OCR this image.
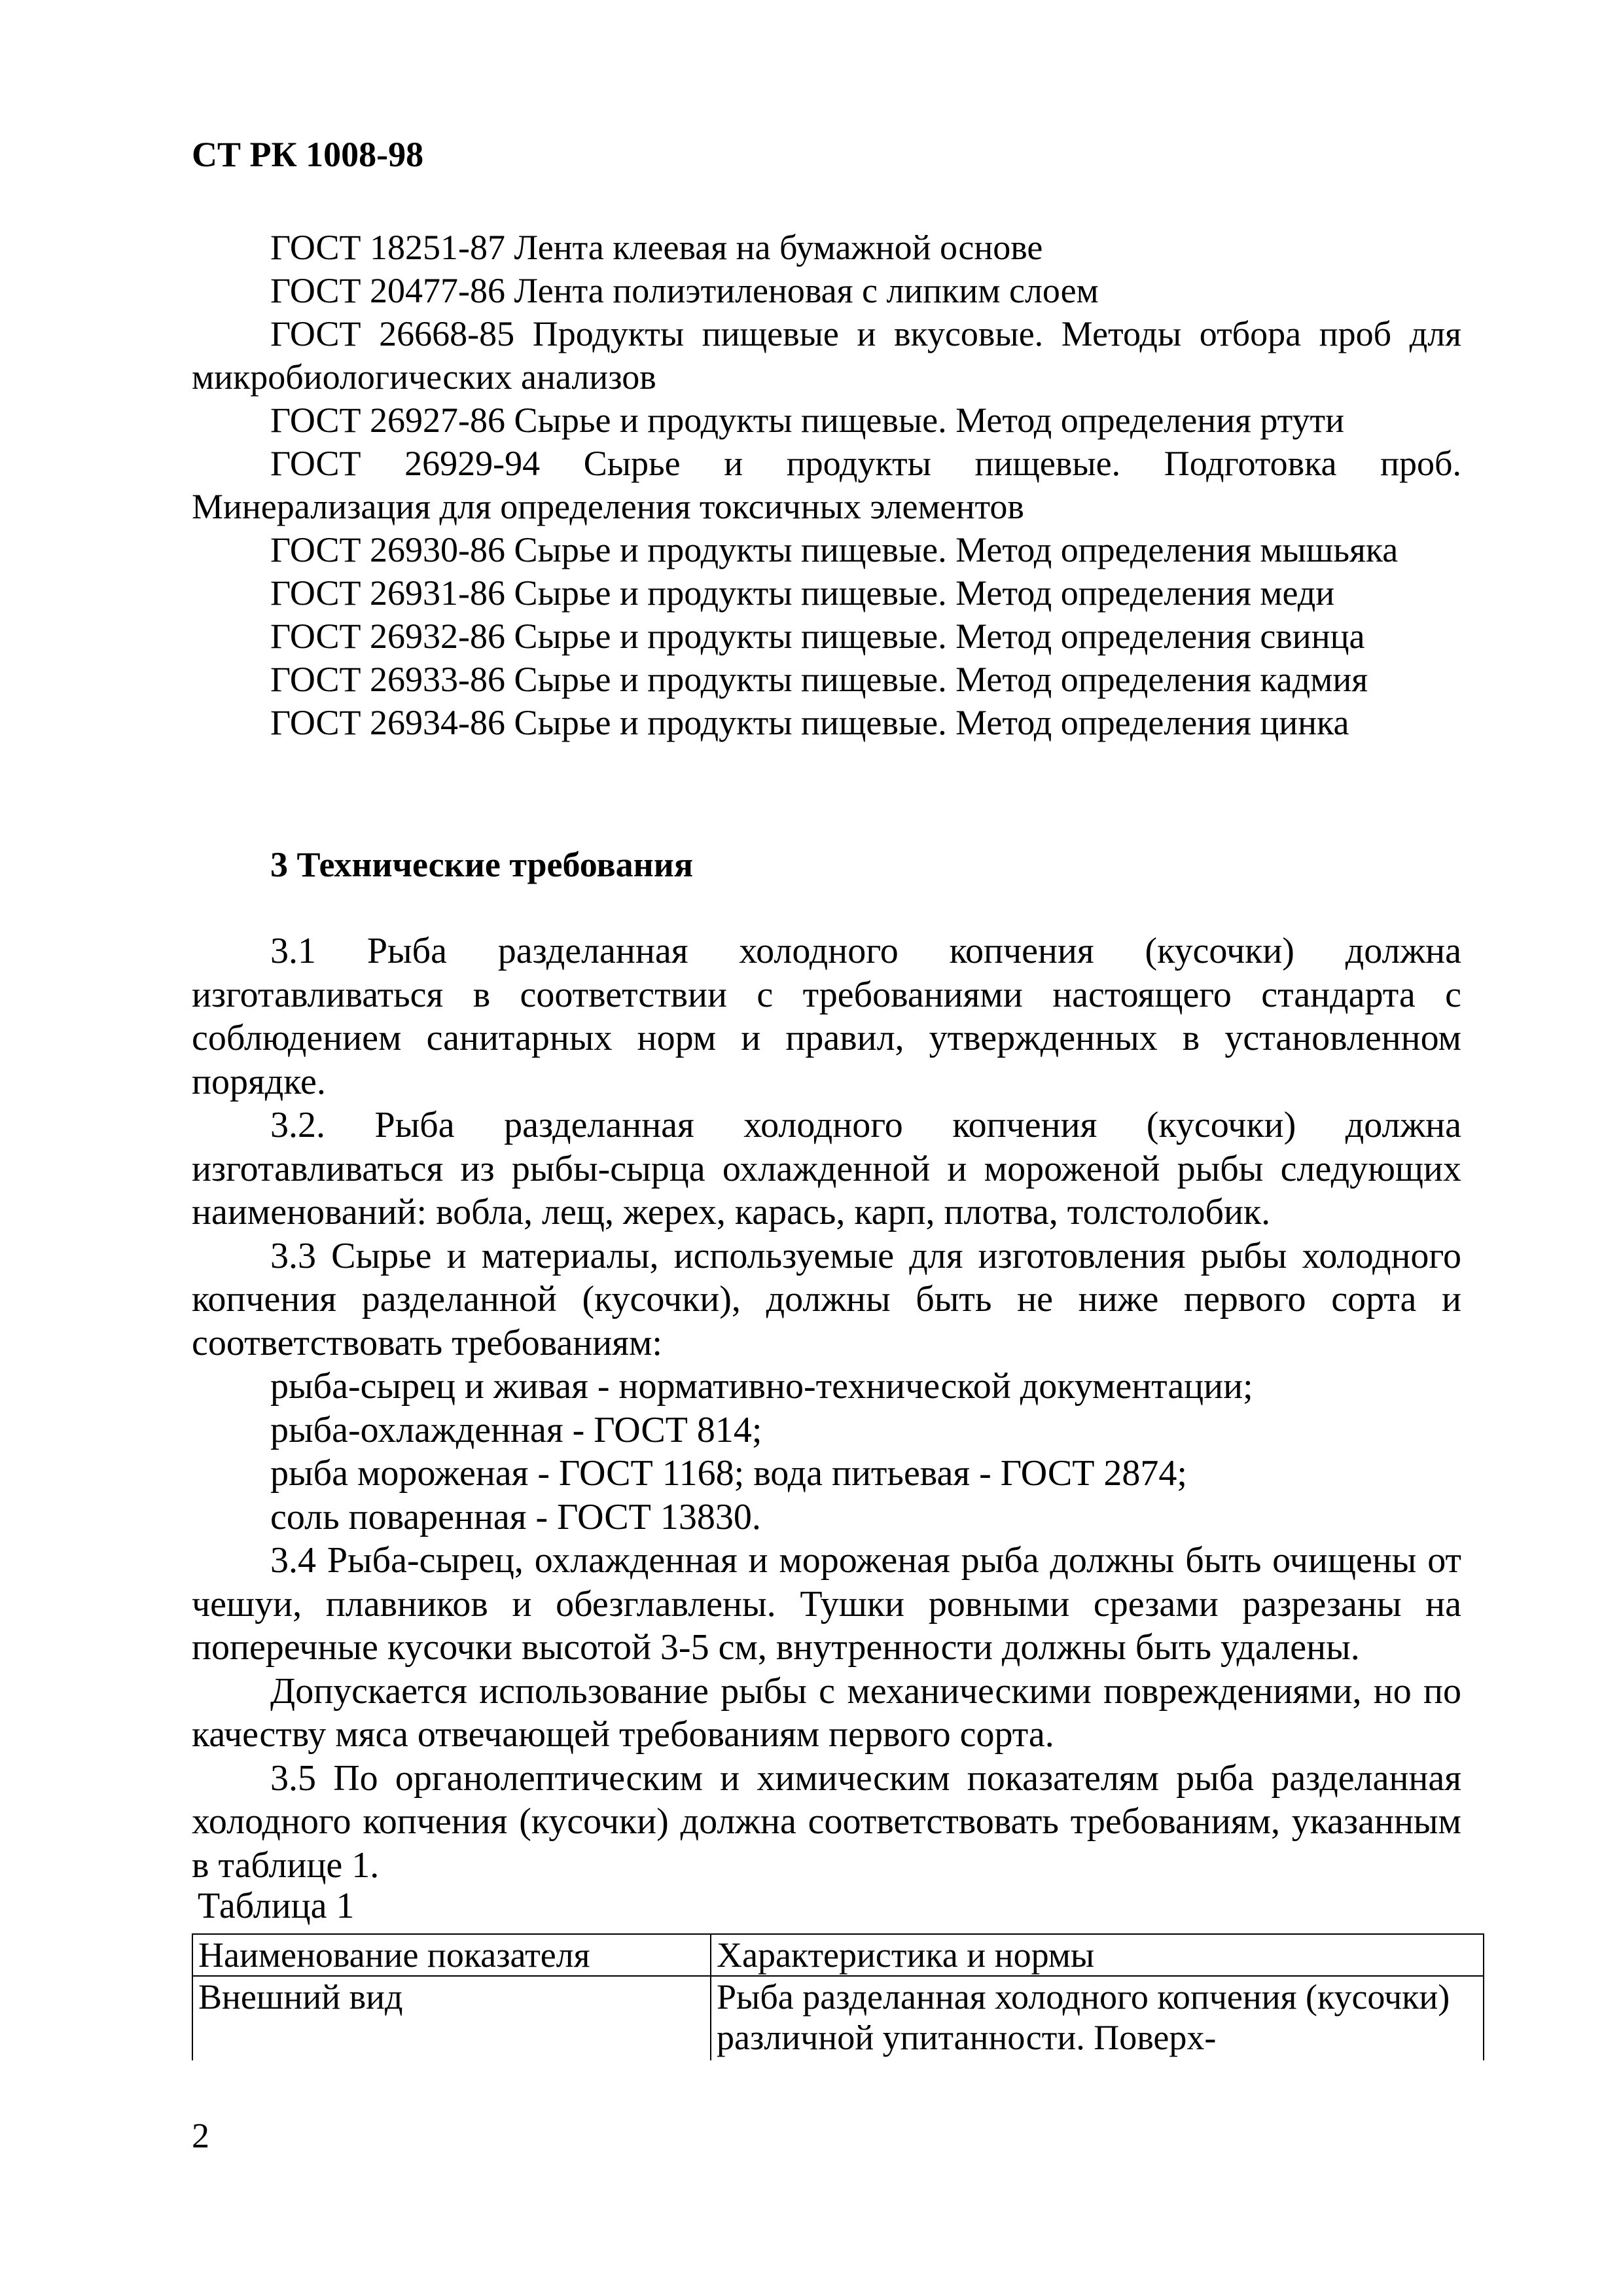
СТ РК 1008-98

ГОСТ 18251-87 Лента клеевая на бумажной основе

ГОСТ 20477-86 Лента полиэтиленовая с липким слоем

ГОСТ 26668-85 Продукты пищевые и вкусовые. Методы отбора проб для микробиологических анализов

ГОСТ 26927-86 Сырье и продукты пищевые. Метод определения ртути

ГОСТ 26929-94 Сырье и продукты пищевые. Подготовка проб. Минерализация для определения токсичных элементов

ГОСТ 26930-86 Сырье и продукты пищевые. Метод определения мышьяка

ГОСТ 26931-86 Сырье и продукты пищевые. Метод определения меди

ГОСТ 26932-86 Сырье и продукты пищевые. Метод определения свинца

ГОСТ 26933-86 Сырье и продукты пищевые. Метод определения кадмия

ГОСТ 26934-86 Сырье и продукты пищевые. Метод определения цинка

3 Технические требования

3.1 Рыба разделанная холодного копчения (кусочки) должна изготавливаться в соответствии с требованиями настоящего стандарта с соблюдением санитарных норм и правил, утвержденных в установленном порядке.

3.2. Рыба разделанная холодного копчения (кусочки) должна изготавливаться из рыбы-сырца охлажденной и мороженой рыбы следующих наименований: вобла, лещ, жерех, карась, карп, плотва, толстолобик.

3.3 Сырье и материалы, используемые для изготовления рыбы холодного копчения разделанной (кусочки), должны быть не ниже первого сорта и соответствовать требованиям:

рыба-сырец и живая - нормативно-технической документации;

рыба-охлажденная - ГОСТ 814;

рыба мороженая - ГОСТ 1168; вода питьевая - ГОСТ 2874;

соль поваренная - ГОСТ 13830.

3.4 Рыба-сырец, охлажденная и мороженая рыба должны быть очищены от чешуи, плавников и обезглавлены. Тушки ровными срезами разрезаны на поперечные кусочки высотой 3-5 см, внутренности должны быть удалены.

Допускается использование рыбы с механическими повреждениями, но по качеству мяса отвечающей требованиям первого сорта.

3.5 По органолептическим и химическим показателям рыба разделанная холодного копчения (кусочки) должна соответствовать требованиям, указанным в таблице 1.

Таблица 1
Наименование показателя	Характеристика и нормы
Внешний вид	Рыба разделанная холодного копчения (кусочки) различной упитанности. Поверх-
2
